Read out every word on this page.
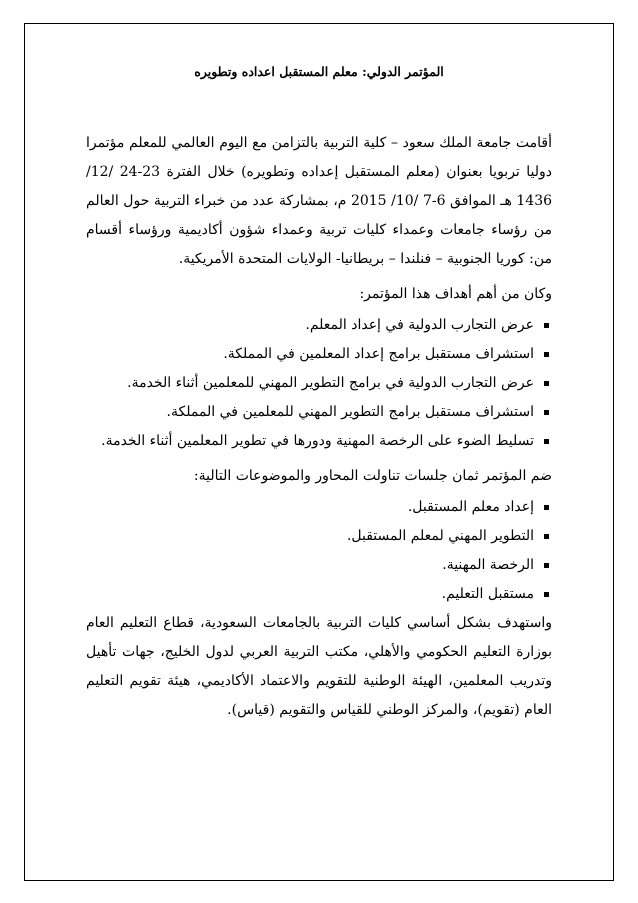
المؤتمر الدولي: معلم المستقبل اعداده وتطويره

أقامت جامعة الملك سعود – كلية التربية بالتزامن مع اليوم العالمي للمعلم مؤتمرا دوليا تربويا بعنوان (معلم المستقبل إعداده وتطويره) خلال الفترة 23-24 /12/ 1436 هـ الموافق 6-7 /10/ 2015 م، بمشاركة عدد من خبراء التربية حول العالم من رؤساء جامعات وعمداء كليات تربية وعمداء شؤون أكاديمية ورؤساء أقسام من: كوريا الجنوبية – فنلندا – بريطانيا- الولايات المتحدة الأمريكية.

وكان من أهم أهداف هذا المؤتمر:

عرض التجارب الدولية في إعداد المعلم.
استشراف مستقبل برامج إعداد المعلمين في المملكة.
عرض التجارب الدولية في برامج التطوير المهني للمعلمين أثناء الخدمة.
استشراف مستقبل برامج التطوير المهني للمعلمين في المملكة.
تسليط الضوء على الرخصة المهنية ودورها في تطوير المعلمين أثناء الخدمة.

ضم المؤتمر ثمان جلسات تناولت المحاور والموضوعات التالية:

إعداد معلم المستقبل.
التطوير المهني لمعلم المستقبل.
الرخصة المهنية.
مستقبل التعليم.

واستهدف بشكل أساسي كليات التربية بالجامعات السعودية، قطاع التعليم العام بوزارة التعليم الحكومي والأهلي، مكتب التربية العربي لدول الخليج، جهات تأهيل وتدريب المعلمين، الهيئة الوطنية للتقويم والاعتماد الأكاديمي، هيئة تقويم التعليم العام (تقويم)، والمركز الوطني للقياس والتقويم (قياس).
